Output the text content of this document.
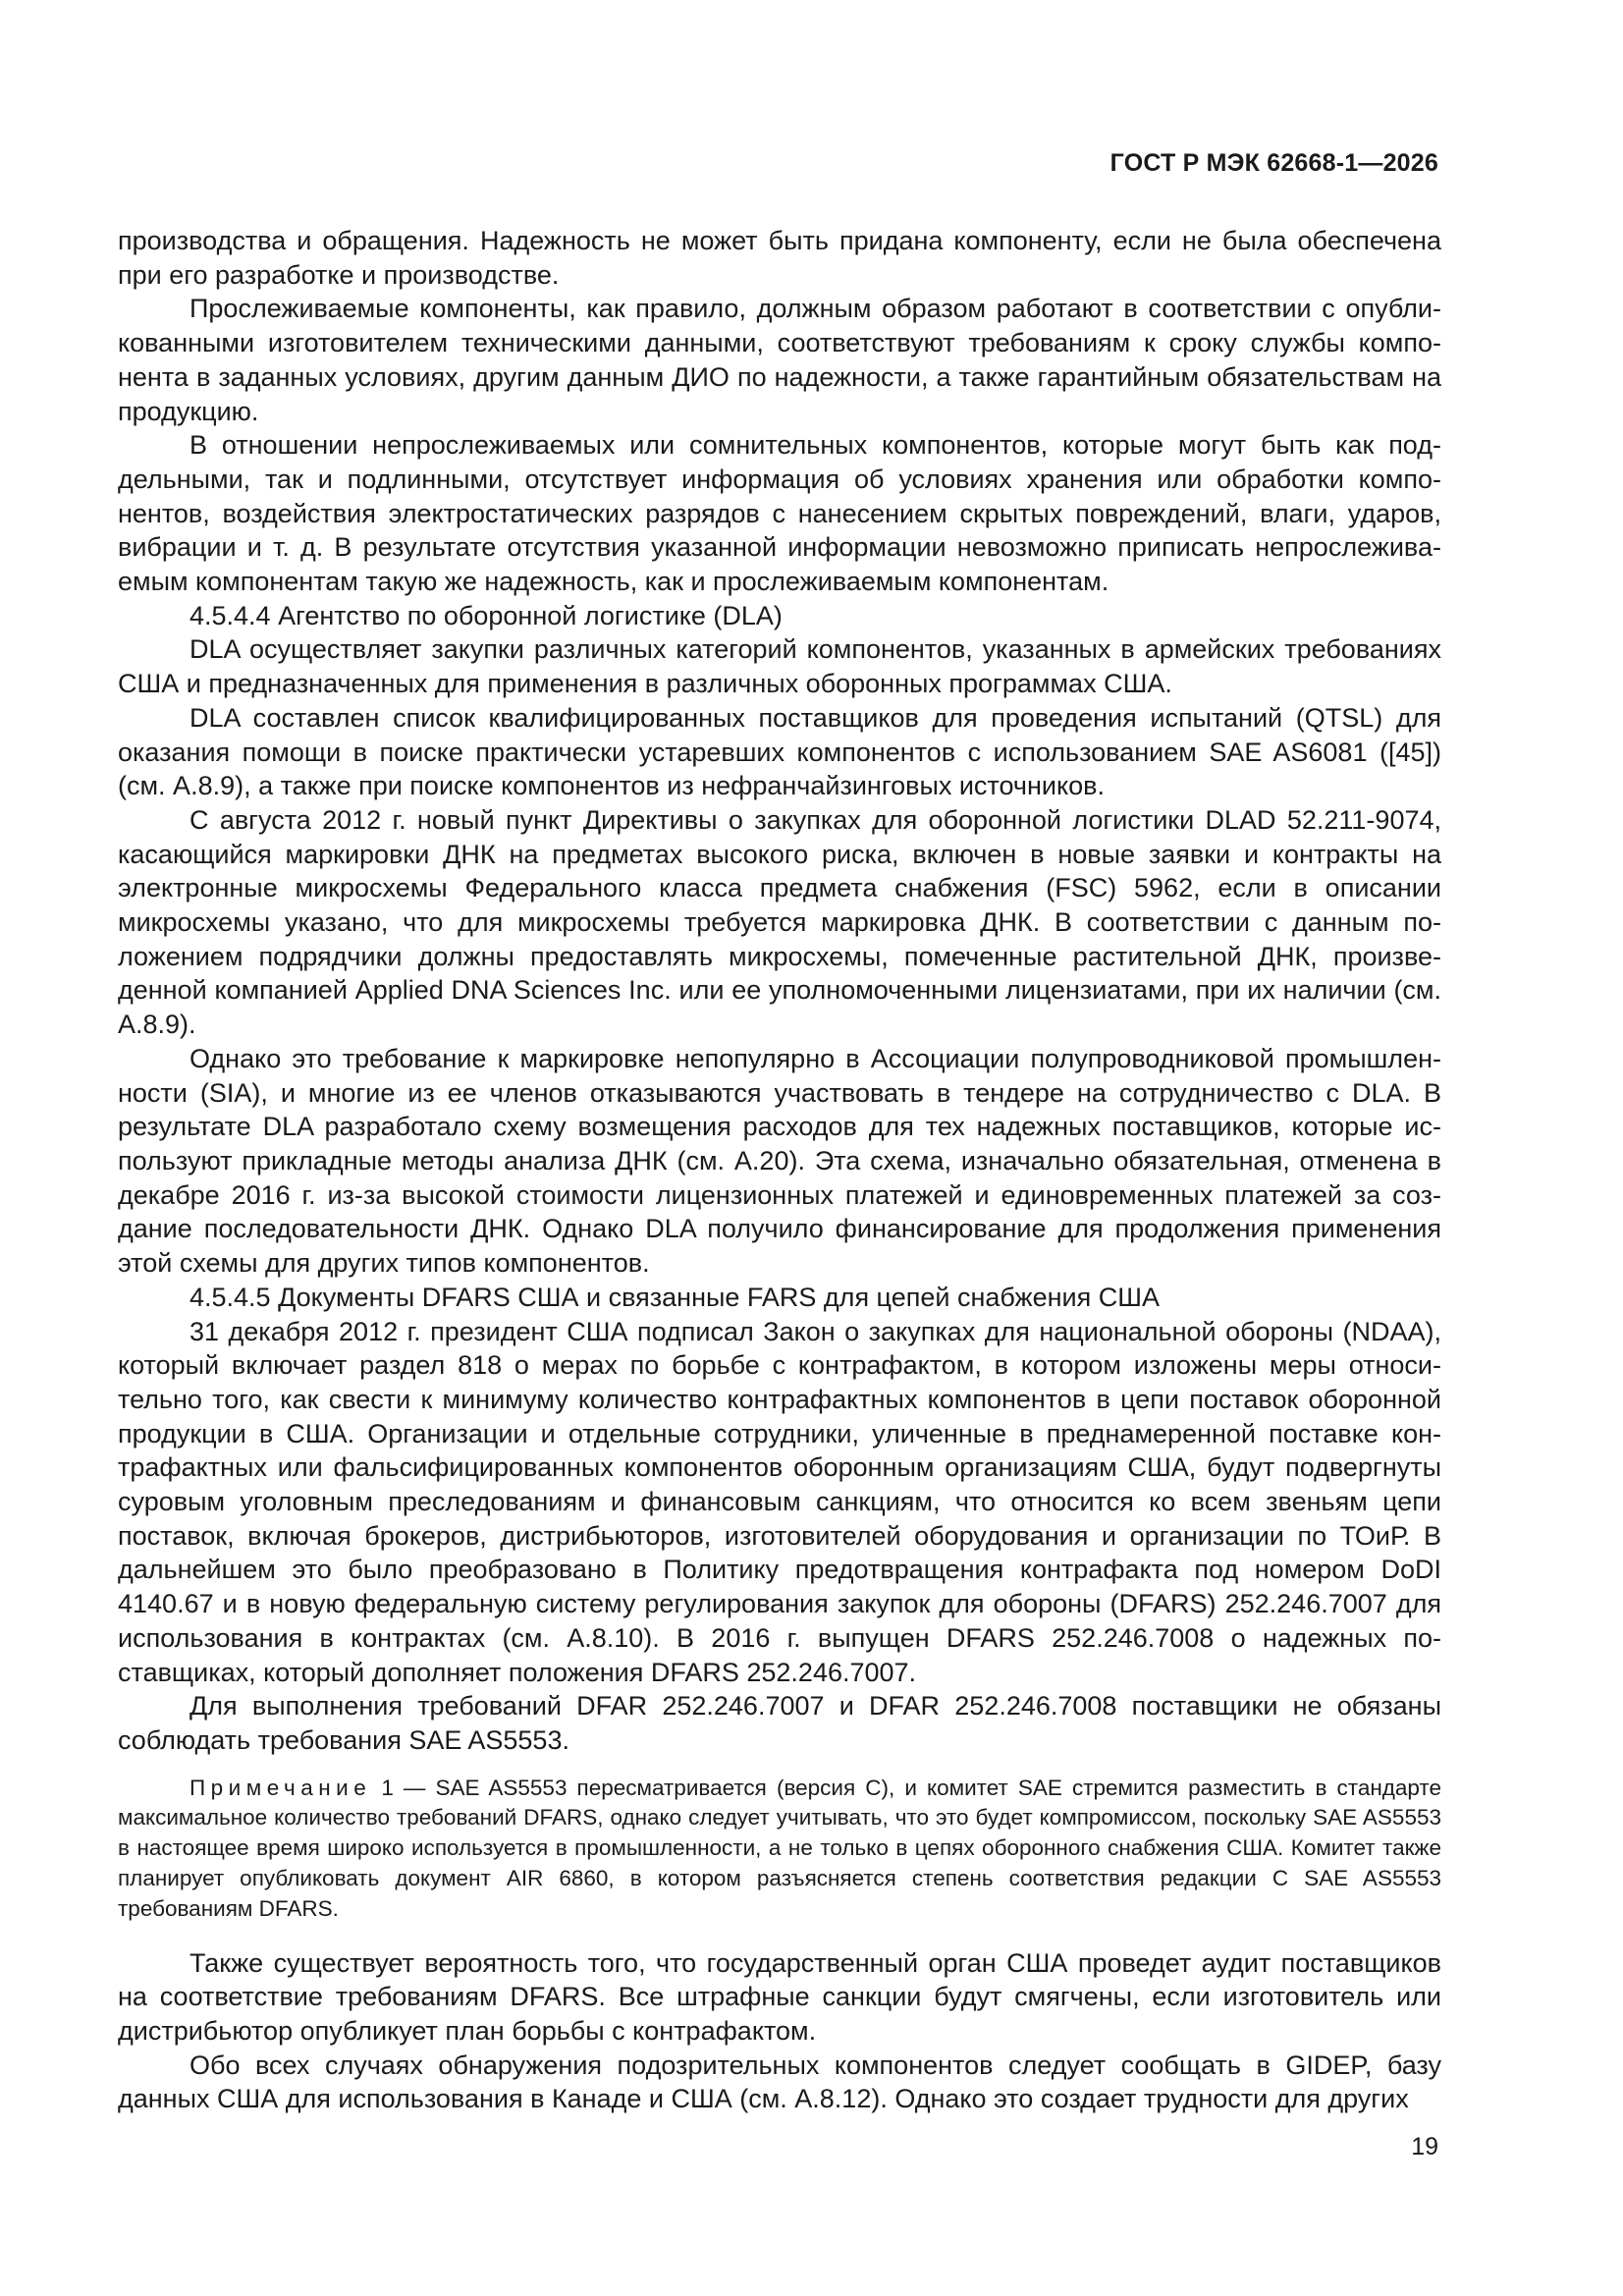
ГОСТ Р МЭК 62668-1—2026

производства и обращения. Надежность не может быть придана компоненту, если не была обеспечена при его разработке и производстве.

Прослеживаемые компоненты, как правило, должным образом работают в соответствии с опубликованными изготовителем техническими данными, соответствуют требованиям к сроку службы компонента в заданных условиях, другим данным ДИО по надежности, а также гарантийным обязательствам на продукцию.

В отношении непрослеживаемых или сомнительных компонентов, которые могут быть как поддельными, так и подлинными, отсутствует информация об условиях хранения или обработки компонентов, воздействия электростатических разрядов с нанесением скрытых повреждений, влаги, ударов, вибрации и т. д. В результате отсутствия указанной информации невозможно приписать непрослеживаемым компонентам такую же надежность, как и прослеживаемым компонентам.

4.5.4.4 Агентство по оборонной логистике (DLA)

DLA осуществляет закупки различных категорий компонентов, указанных в армейских требованиях США и предназначенных для применения в различных оборонных программах США.

DLA составлен список квалифицированных поставщиков для проведения испытаний (QTSL) для оказания помощи в поиске практически устаревших компонентов с использованием SAE AS6081 ([45]) (см. А.8.9), а также при поиске компонентов из нефранчайзинговых источников.

С августа 2012 г. новый пункт Директивы о закупках для оборонной логистики DLAD 52.211-9074, касающийся маркировки ДНК на предметах высокого риска, включен в новые заявки и контракты на электронные микросхемы Федерального класса предмета снабжения (FSC) 5962, если в описании микросхемы указано, что для микросхемы требуется маркировка ДНК. В соответствии с данным положением подрядчики должны предоставлять микросхемы, помеченные растительной ДНК, произведенной компанией Applied DNA Sciences Inc. или ее уполномоченными лицензиатами, при их наличии (см. А.8.9).

Однако это требование к маркировке непопулярно в Ассоциации полупроводниковой промышленности (SIA), и многие из ее членов отказываются участвовать в тендере на сотрудничество с DLA. В результате DLA разработало схему возмещения расходов для тех надежных поставщиков, которые используют прикладные методы анализа ДНК (см. А.20). Эта схема, изначально обязательная, отменена в декабре 2016 г. из-за высокой стоимости лицензионных платежей и единовременных платежей за создание последовательности ДНК. Однако DLA получило финансирование для продолжения применения этой схемы для других типов компонентов.

4.5.4.5 Документы DFARS США и связанные FARS для цепей снабжения США

31 декабря 2012 г. президент США подписал Закон о закупках для национальной обороны (NDAA), который включает раздел 818 о мерах по борьбе с контрафактом, в котором изложены меры относительно того, как свести к минимуму количество контрафактных компонентов в цепи поставок оборонной продукции в США. Организации и отдельные сотрудники, уличенные в преднамеренной поставке контрафактных или фальсифицированных компонентов оборонным организациям США, будут подвергнуты суровым уголовным преследованиям и финансовым санкциям, что относится ко всем звеньям цепи поставок, включая брокеров, дистрибьюторов, изготовителей оборудования и организации по ТОиР. В дальнейшем это было преобразовано в Политику предотвращения контрафакта под номером DoDI 4140.67 и в новую федеральную систему регулирования закупок для обороны (DFARS) 252.246.7007 для использования в контрактах (см. А.8.10). В 2016 г. выпущен DFARS 252.246.7008 о надежных поставщиках, который дополняет положения DFARS 252.246.7007.

Для выполнения требований DFAR 252.246.7007 и DFAR 252.246.7008 поставщики не обязаны соблюдать требования SAE AS5553.

Примечание 1 — SAE AS5553 пересматривается (версия С), и комитет SAE стремится разместить в стандарте максимальное количество требований DFARS, однако следует учитывать, что это будет компромиссом, поскольку SAE AS5553 в настоящее время широко используется в промышленности, а не только в цепях оборонного снабжения США. Комитет также планирует опубликовать документ AIR 6860, в котором разъясняется степень соответствия редакции С SAE AS5553 требованиям DFARS.

Также существует вероятность того, что государственный орган США проведет аудит поставщиков на соответствие требованиям DFARS. Все штрафные санкции будут смягчены, если изготовитель или дистрибьютор опубликует план борьбы с контрафактом.

Обо всех случаях обнаружения подозрительных компонентов следует сообщать в GIDEP, базу данных США для использования в Канаде и США (см. А.8.12). Однако это создает трудности для других

19
